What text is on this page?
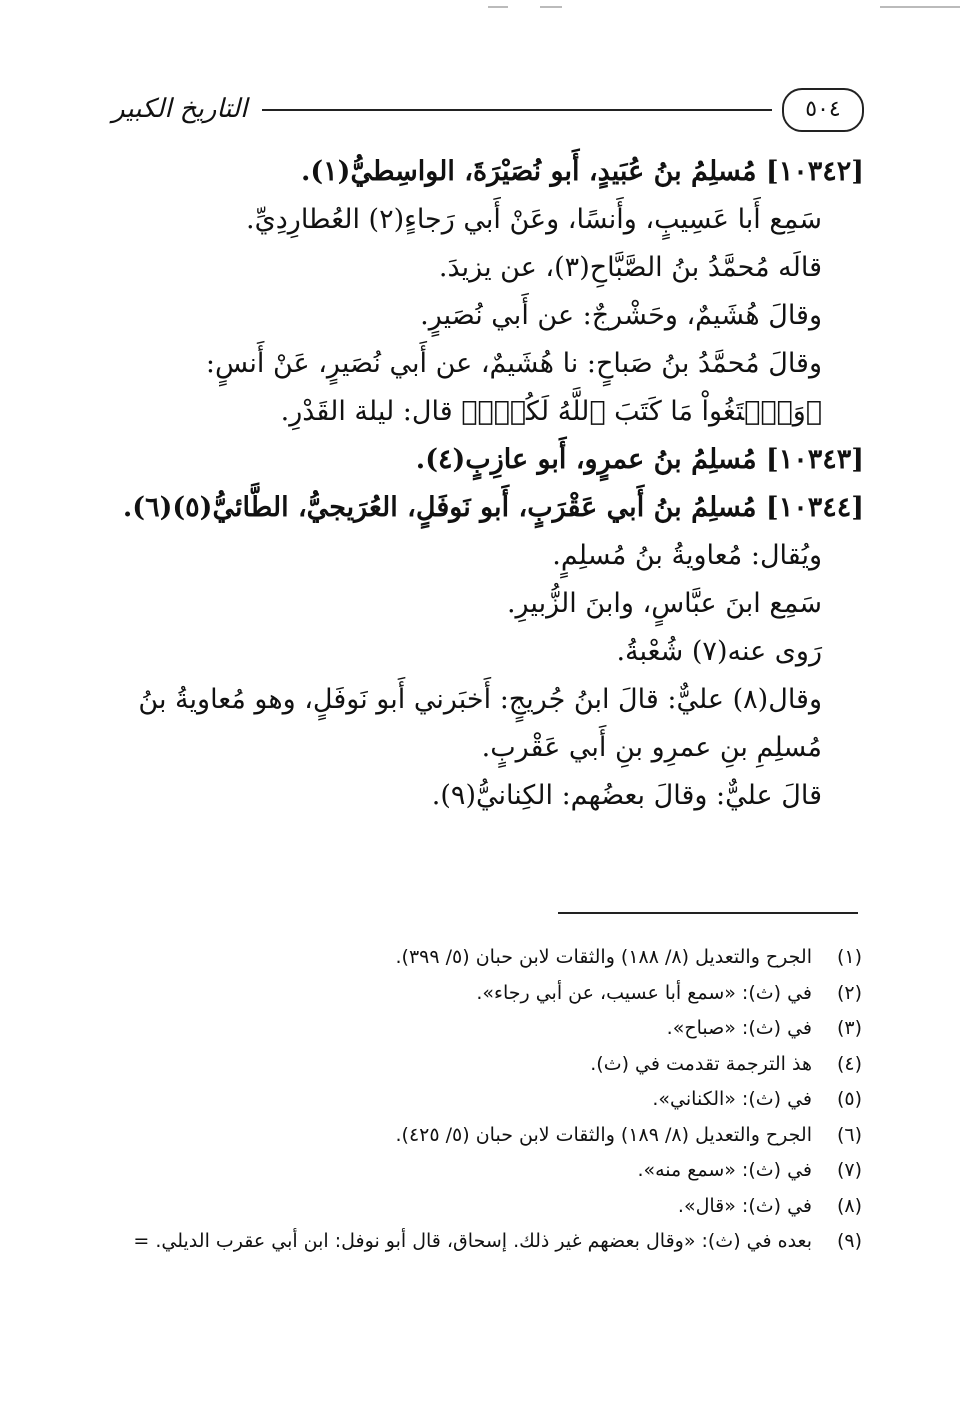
٥٠٤
التاريخ الكبير
[١٠٣٤٢] مُسلِمُ بنُ عُبَيدٍ، أَبو نُصَيْرَةَ، الواسِطيُّ(١).
سَمِع أَبا عَسِيبٍ، وأَنسًا، وعَنْ أَبي رَجاءٍ(٢) العُطارِدِيِّ.
قالَه مُحمَّدُ بنُ الصَّبَّاحِ(٣)، عن يزيدَ.
وقالَ هُشَيمٌ، وحَشْرجٌ: عن أَبي نُصَيرٍ.
وقالَ مُحمَّدُ بنُ صَباحٍ: نا هُشَيمٌ، عن أَبي نُصَيرٍ، عَنْ أَنسٍ: ﴿وَٱبۡتَغُواْ مَا كَتَبَ ٱللَّهُ لَكُمۡۚ﴾ قال: ليلة القَدْرِ.
[١٠٣٤٣] مُسلِمُ بنُ عمرٍو، أَبو عازِبٍ(٤).
[١٠٣٤٤] مُسلِمُ بنُ أَبي عَقْرَبٍ، أَبو نَوفَلٍ، العُرَيجيُّ، الطَّائيُّ(٥)(٦).
ويُقال: مُعاويةُ بنُ مُسلِمٍ.
سَمِع ابنَ عبَّاسٍ، وابنَ الزُّبيرِ.
رَوى عنه(٧) شُعْبةُ.
وقال(٨) عليٌّ: قالَ ابنُ جُريجٍ: أَخبَرني أَبو نَوفَلٍ، وهو مُعاويةُ بنُ مُسلِمِ بنِ عمرِو بنِ أَبي عَقْربٍ.
قالَ عليٌّ: وقالَ بعضُهم: الكِنانيُّ(٩).
(١)الجرح والتعديل (٨/ ١٨٨) والثقات لابن حبان (٥/ ٣٩٩).
(٢)في (ث): «سمع أبا عسيب، عن أبي رجاء».
(٣)في (ث): «صباح».
(٤)هذ الترجمة تقدمت في (ث).
(٥)في (ث): «الكناني».
(٦)الجرح والتعديل (٨/ ١٨٩) والثقات لابن حبان (٥/ ٤٢٥).
(٧)في (ث): «سمع منه».
(٨)في (ث): «قال».
(٩)بعده في (ث): «وقال بعضهم غير ذلك. إسحاق، قال أبو نوفل: ابن أبي عقرب الديلي. =
